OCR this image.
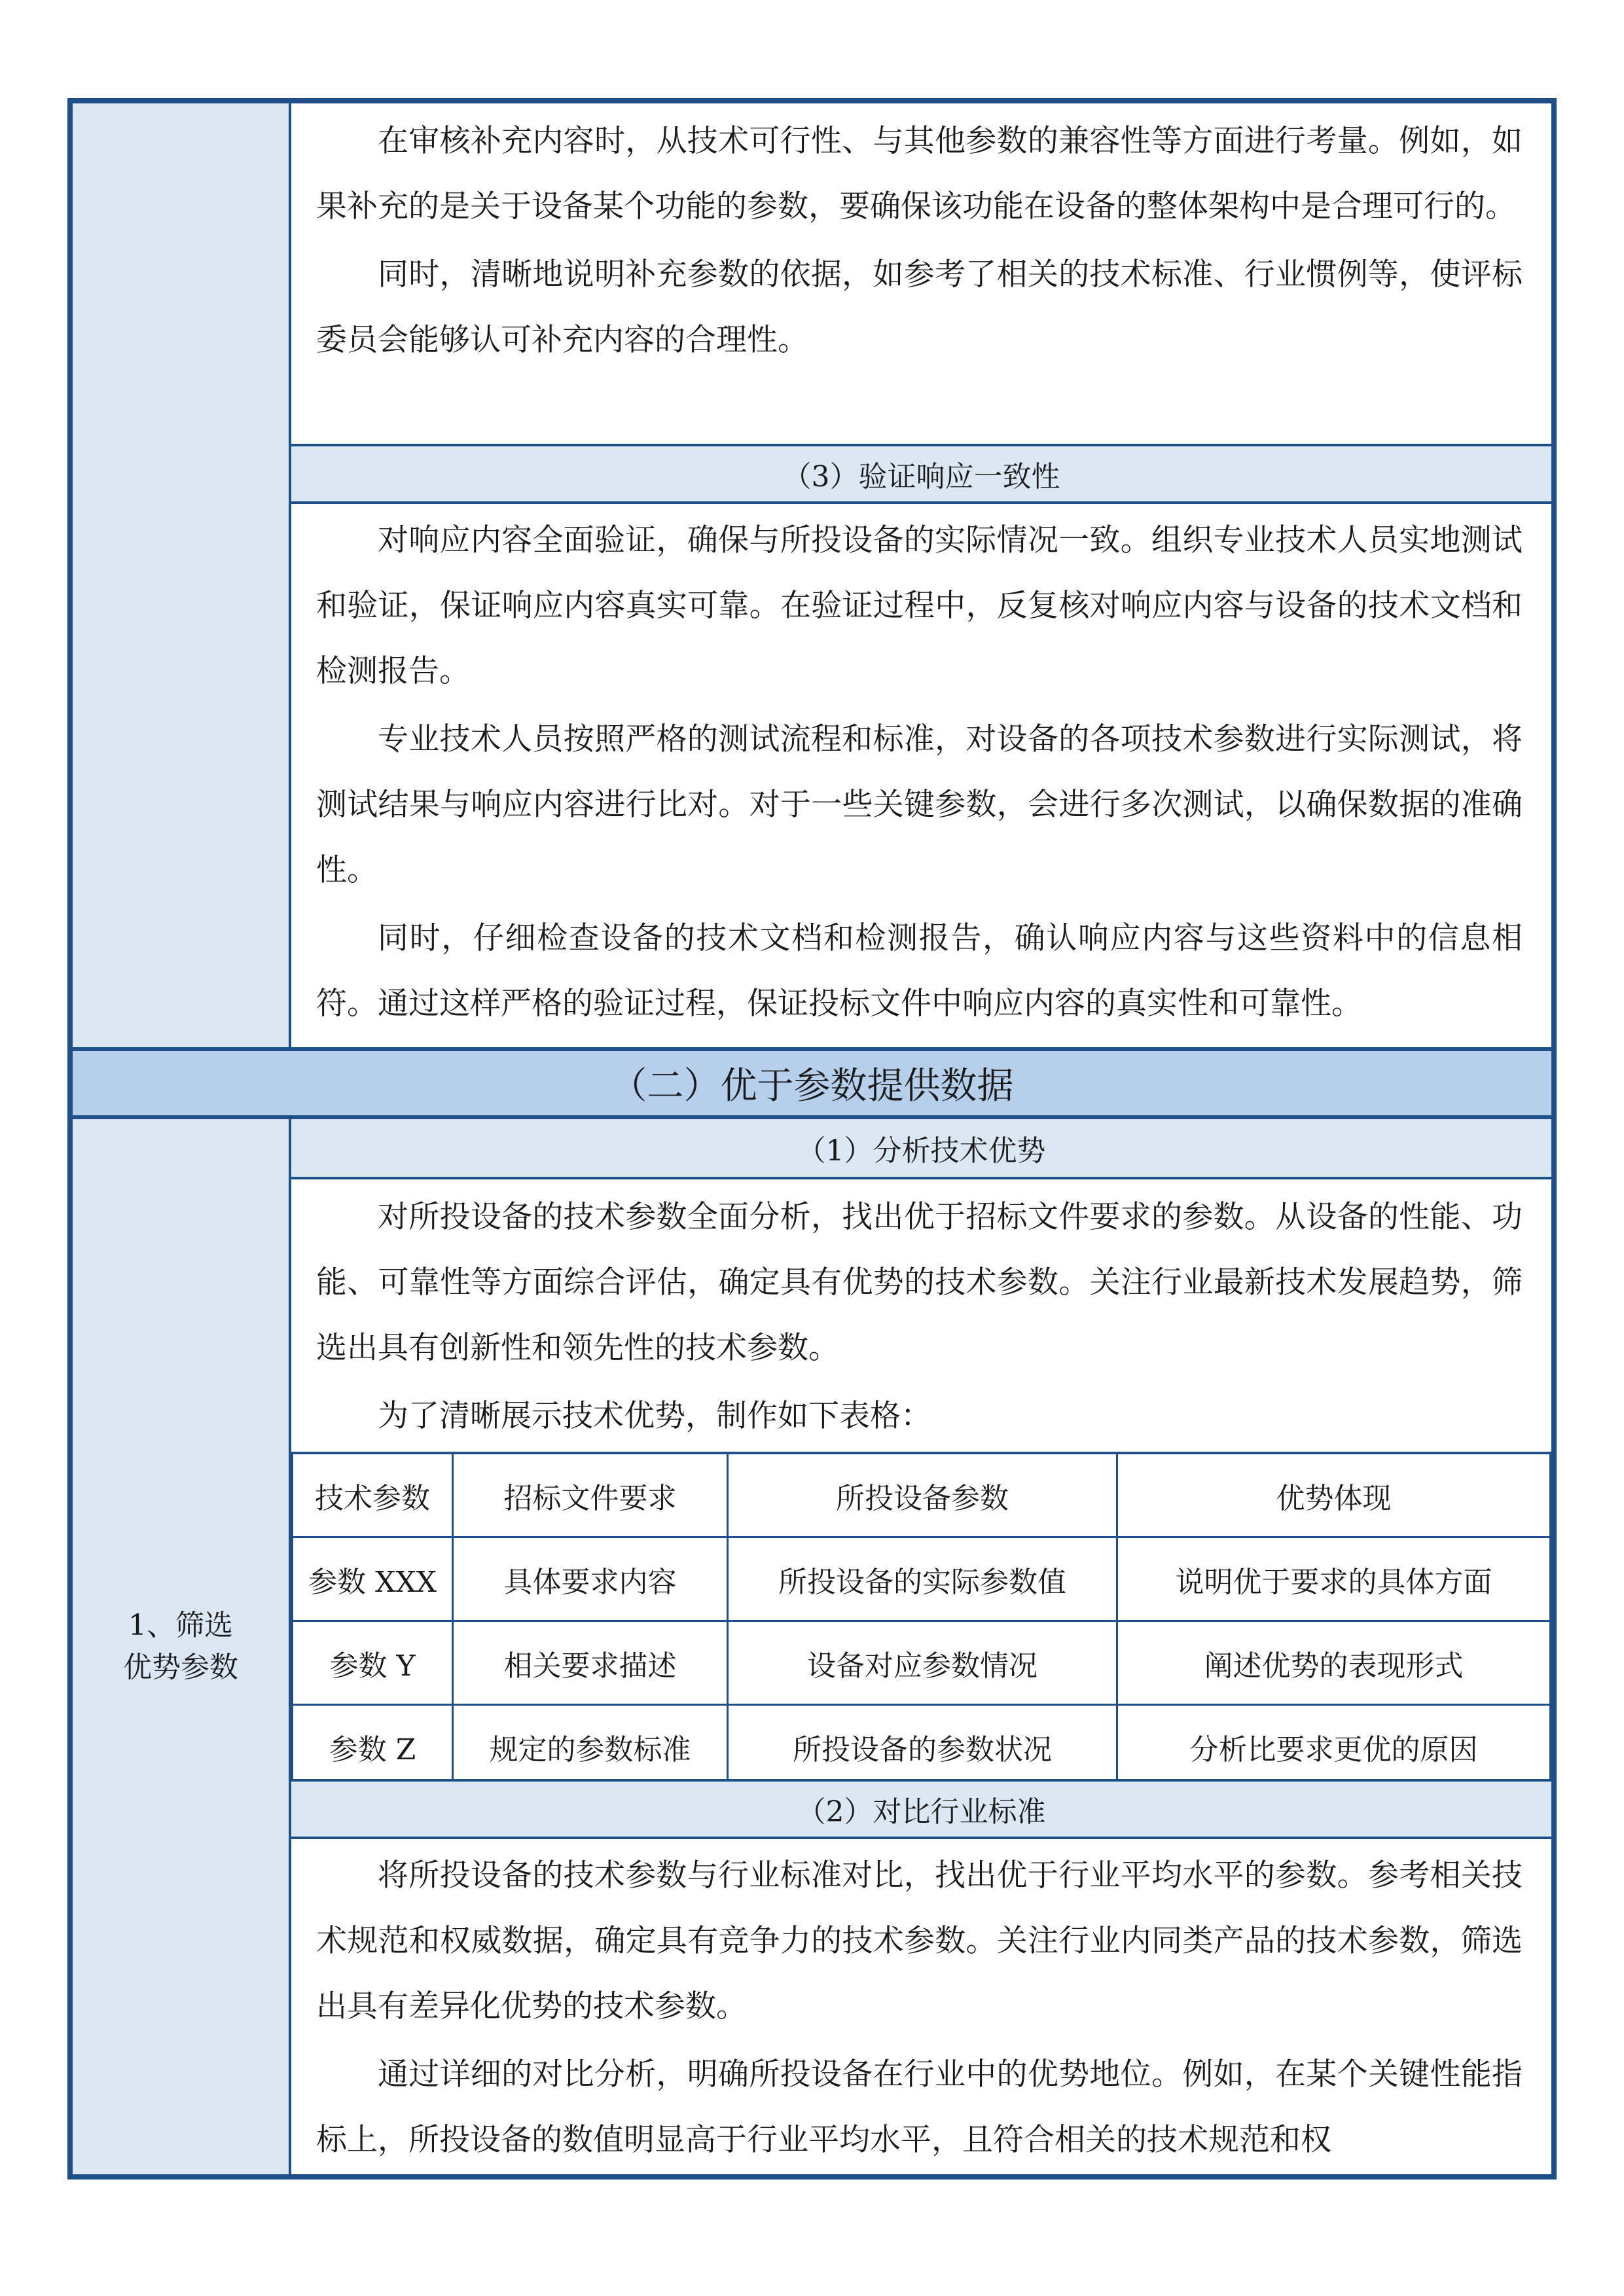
在审核补充内容时，从技术可行性、与其他参数的兼容性等方面进行考量。例如，如果补充的是关于设备某个功能的参数，要确保该功能在设备的整体架构中是合理可行的。

同时，清晰地说明补充参数的依据，如参考了相关的技术标准、行业惯例等，使评标委员会能够认可补充内容的合理性。

（3）验证响应一致性

对响应内容全面验证，确保与所投设备的实际情况一致。组织专业技术人员实地测试和验证，保证响应内容真实可靠。在验证过程中，反复核对响应内容与设备的技术文档和检测报告。

专业技术人员按照严格的测试流程和标准，对设备的各项技术参数进行实际测试，将测试结果与响应内容进行比对。对于一些关键参数，会进行多次测试，以确保数据的准确性。

同时，仔细检查设备的技术文档和检测报告，确认响应内容与这些资料中的信息相符。通过这样严格的验证过程，保证投标文件中响应内容的真实性和可靠性。

（二）优于参数提供数据
1、筛选优势参数
（1）分析技术优势

对所投设备的技术参数全面分析，找出优于招标文件要求的参数。从设备的性能、功能、可靠性等方面综合评估，确定具有优势的技术参数。关注行业最新技术发展趋势，筛选出具有创新性和领先性的技术参数。

为了清晰展示技术优势，制作如下表格：

技术参数	招标文件要求	所投设备参数	优势体现
参数 XXX	具体要求内容	所投设备的实际参数值	说明优于要求的具体方面
参数 Y	相关要求描述	设备对应参数情况	阐述优势的表现形式
参数 Z	规定的参数标准	所投设备的参数状况	分析比要求更优的原因
（2）对比行业标准

将所投设备的技术参数与行业标准对比，找出优于行业平均水平的参数。参考相关技术规范和权威数据，确定具有竞争力的技术参数。关注行业内同类产品的技术参数，筛选出具有差异化优势的技术参数。

通过详细的对比分析，明确所投设备在行业中的优势地位。例如，在某个关键性能指标上，所投设备的数值明显高于行业平均水平，且符合相关的技术规范和权
